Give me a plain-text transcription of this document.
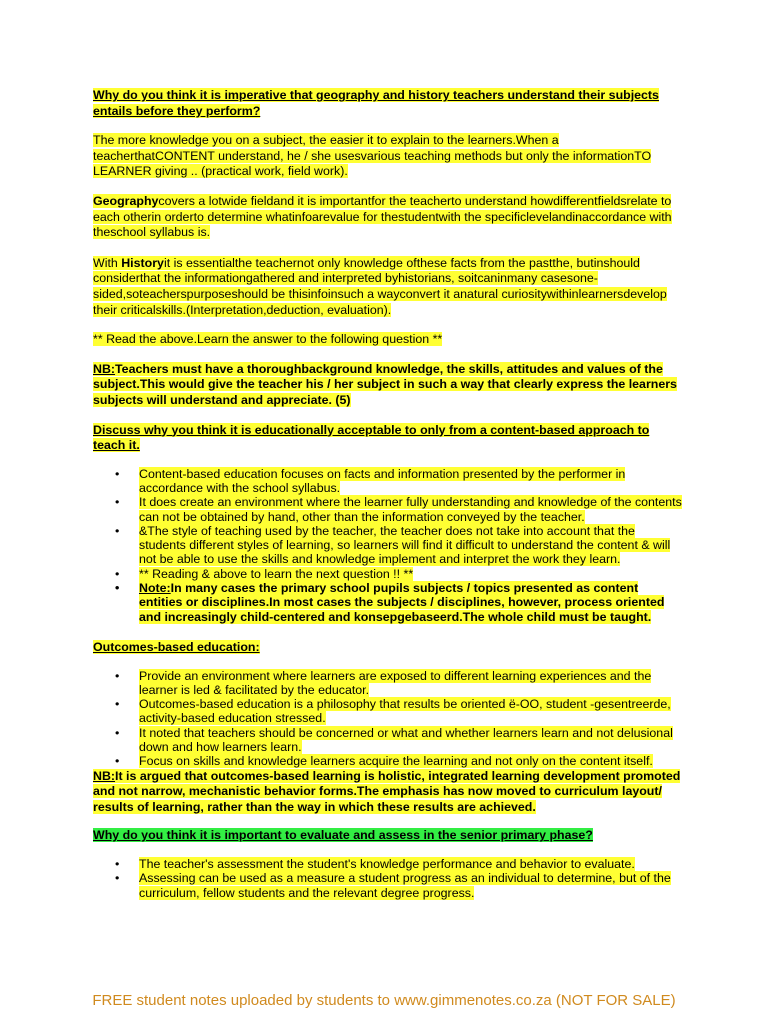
Why do you think it is imperative that geography and history teachers understand their subjects entails before they perform?

The more knowledge you on a subject, the easier it to explain to the learners.When a teacherthatCONTENT understand, he / she usesvarious teaching methods but only the informationTO LEARNER giving .. (practical work, field work).

Geographycovers a lotwide fieldand it is importantfor the teacherto understand howdifferentfieldsrelate to each otherin orderto determine whatinfoarevalue for thestudentwith the specificlevelandinaccordance with theschool syllabus is.

With Historyit is essentialthe teachernot only knowledge ofthese facts from the pastthe, butinshould considerthat the informationgathered and interpreted byhistorians, soitcaninmany casesone-sided,soteacherspurposeshould be thisinfoinsuch a wayconvert it anatural curiositywithinlearnersdevelop their criticalskills.(Interpretation,deduction, evaluation).

** Read the above.Learn the answer to the following question **

NB:Teachers must have a thoroughbackground knowledge, the skills, attitudes and values of the subject.This would give the teacher his / her subject in such a way that clearly express the learners subjects will understand and appreciate. (5)

Discuss why you think it is educationally acceptable to only from a content-based approach to teach it.

• Content-based education focuses on facts and information presented by the performer in accordance with the school syllabus.
• It does create an environment where the learner fully understanding and knowledge of the contents can not be obtained by hand, other than the information conveyed by the teacher.
• &The style of teaching used by the teacher, the teacher does not take into account that the students different styles of learning, so learners will find it difficult to understand the content & will not be able to use the skills and knowledge implement and interpret the work they learn.
• ** Reading & above to learn the next question !! **
• Note:In many cases the primary school pupils subjects / topics presented as content entities or disciplines.In most cases the subjects / disciplines, however, process oriented and increasingly child-centered and konsepgebaseerd.The whole child must be taught.

Outcomes-based education:

• Provide an environment where learners are exposed to different learning experiences and the learner is led & facilitated by the educator.
• Outcomes-based education is a philosophy that results be oriented ë-OO, student -gesentreerde, activity-based education stressed.
• It noted that teachers should be concerned or what and whether learners learn and not delusional down and how learners learn.
• Focus on skills and knowledge learners acquire the learning and not only on the content itself.

NB:It is argued that outcomes-based learning is holistic, integrated learning development promoted and not narrow, mechanistic behavior forms.The emphasis has now moved to curriculum layout/ results of learning, rather than the way in which these results are achieved.

Why do you think it is important to evaluate and assess in the senior primary phase?

• The teacher's assessment the student's knowledge performance and behavior to evaluate.
• Assessing can be used as a measure a student progress as an individual to determine, but of the curriculum, fellow students and the relevant degree progress.
FREE student notes uploaded by students to www.gimmenotes.co.za (NOT FOR SALE)
